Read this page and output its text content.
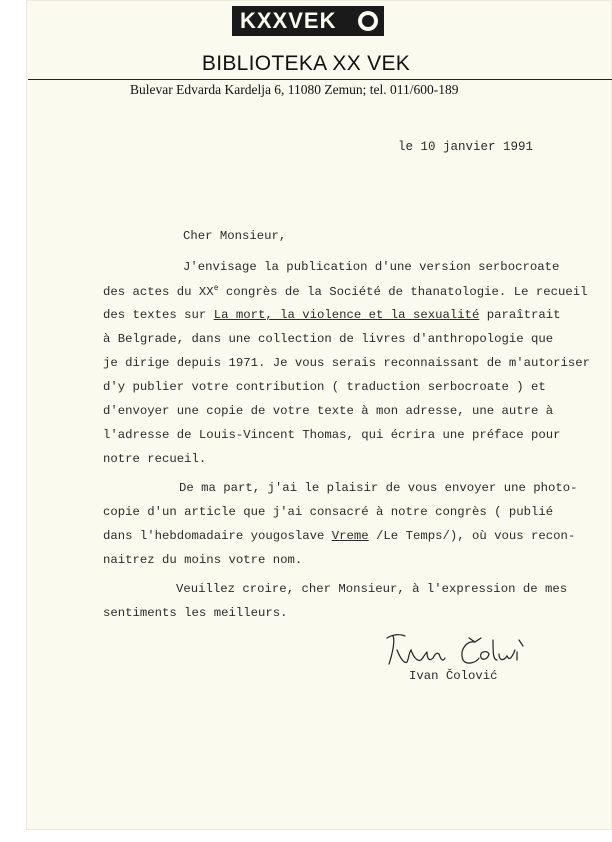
KXXVEK
BIBLIOTEKA XX VEK
Bulevar Edvarda Kardelja 6, 11080 Zemun; tel. 011/600-189
le 10 janvier 1991
Cher Monsieur,
J'envisage la publication d'une version serbocroate
des actes du XXe congrès de la Société de thanatologie. Le recueil
des textes sur La mort, la violence et la sexualité paraîtrait
à Belgrade, dans une collection de livres d'anthropologie que
je dirige depuis 1971. Je vous serais reconnaissant de m'autoriser
d'y publier votre contribution ( traduction serbocroate ) et
d'envoyer une copie de votre texte à mon adresse, une autre à
l'adresse de Louis-Vincent Thomas, qui écrira une préface pour
notre recueil.
De ma part, j'ai le plaisir de vous envoyer une photo-
copie d'un article que j'ai consacré à notre congrès ( publié
dans l'hebdomadaire yougoslave Vreme /Le Temps/), où vous recon-
naitrez du moins votre nom.
Veuillez croire, cher Monsieur, à l'expression de mes
sentiments les meilleurs.
Ivan Čolović
